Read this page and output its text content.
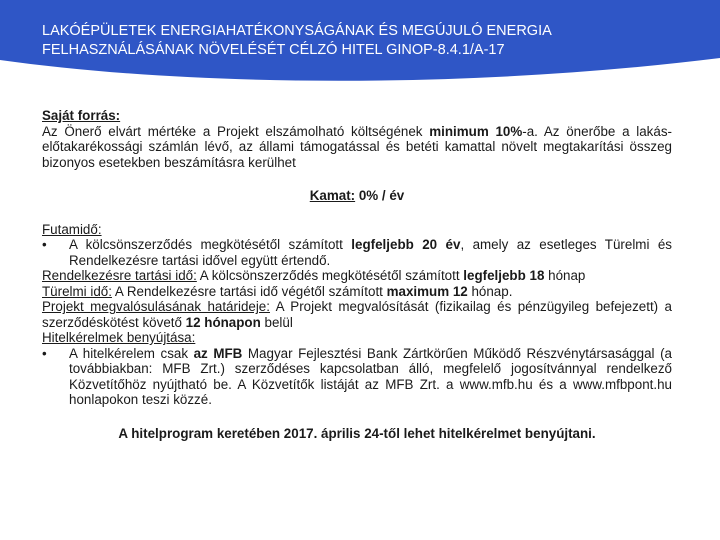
LAKÓÉPÜLETEK ENERGIAHATÉKONYSÁGÁNAK ÉS MEGÚJULÓ ENERGIA FELHASZNÁLÁSÁNAK NÖVELÉSÉT CÉLZÓ HITEL GINOP-8.4.1/A-17

Saját forrás:

Az Önerő elvárt mértéke a Projekt elszámolható költségének minimum 10%-a. Az önerőbe a lakás-előtakarékossági számlán lévő, az állami támogatással és betéti kamattal növelt megtakarítási összeg bizonyos esetekben beszámításra kerülhet

Kamat: 0% / év

Futamidő:

•	A kölcsönszerződés megkötésétől számított legfeljebb 20 év, amely az esetleges Türelmi és Rendelkezésre tartási idővel együtt értendő.

Rendelkezésre tartási idő: A kölcsönszerződés megkötésétől számított legfeljebb 18 hónap

Türelmi idő: A Rendelkezésre tartási idő végétől számított maximum 12 hónap.

Projekt megvalósulásának határideje: A Projekt megvalósítását (fizikailag és pénzügyileg befejezett) a szerződéskötést követő 12 hónapon belül

Hitelkérelmek benyújtása:

•	A hitelkérelem csak az MFB Magyar Fejlesztési Bank Zártkörűen Működő Részvénytársasággal (a továbbiakban: MFB Zrt.) szerződéses kapcsolatban álló, megfelelő jogosítvánnyal rendelkező Közvetítőhöz nyújtható be. A Közvetítők listáját az MFB Zrt. a www.mfb.hu és a www.mfbpont.hu honlapokon teszi közzé.

A hitelprogram keretében 2017. április 24-től lehet hitelkérelmet benyújtani.
